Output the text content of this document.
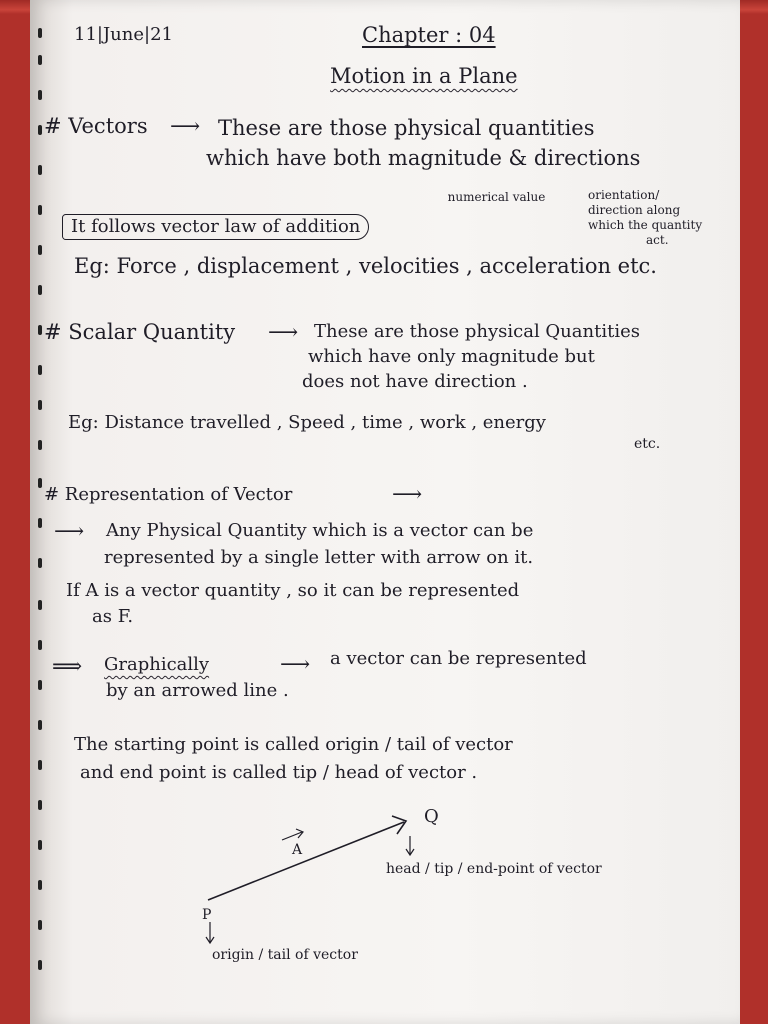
11|June|21	Chapter : 04
Motion in a Plane
# Vectors ⟶ These are those physical quantities
which have both magnitude & directions
numerical value	orientation/
direction along
which the quantity
act.
It follows vector law of addition
Eg: Force , displacement , velocities , acceleration etc.
# Scalar Quantity ⟶ These are those physical Quantities
which have only magnitude but
does not have direction .
Eg: Distance travelled , Speed , time , work , energy
etc.
# Representation of Vector	⟶
⟶ Any Physical Quantity which is a vector can be
represented by a single letter with arrow on it.
If A is a vector quantity , so it can be represented
as F.
⟹ Graphically	⟶ a vector can be represented
by an arrowed line .
The starting point is called origin / tail of vector
and end point is called tip / head of vector .
A
Q
P
head / tip / end-point of vector
origin / tail of vector
